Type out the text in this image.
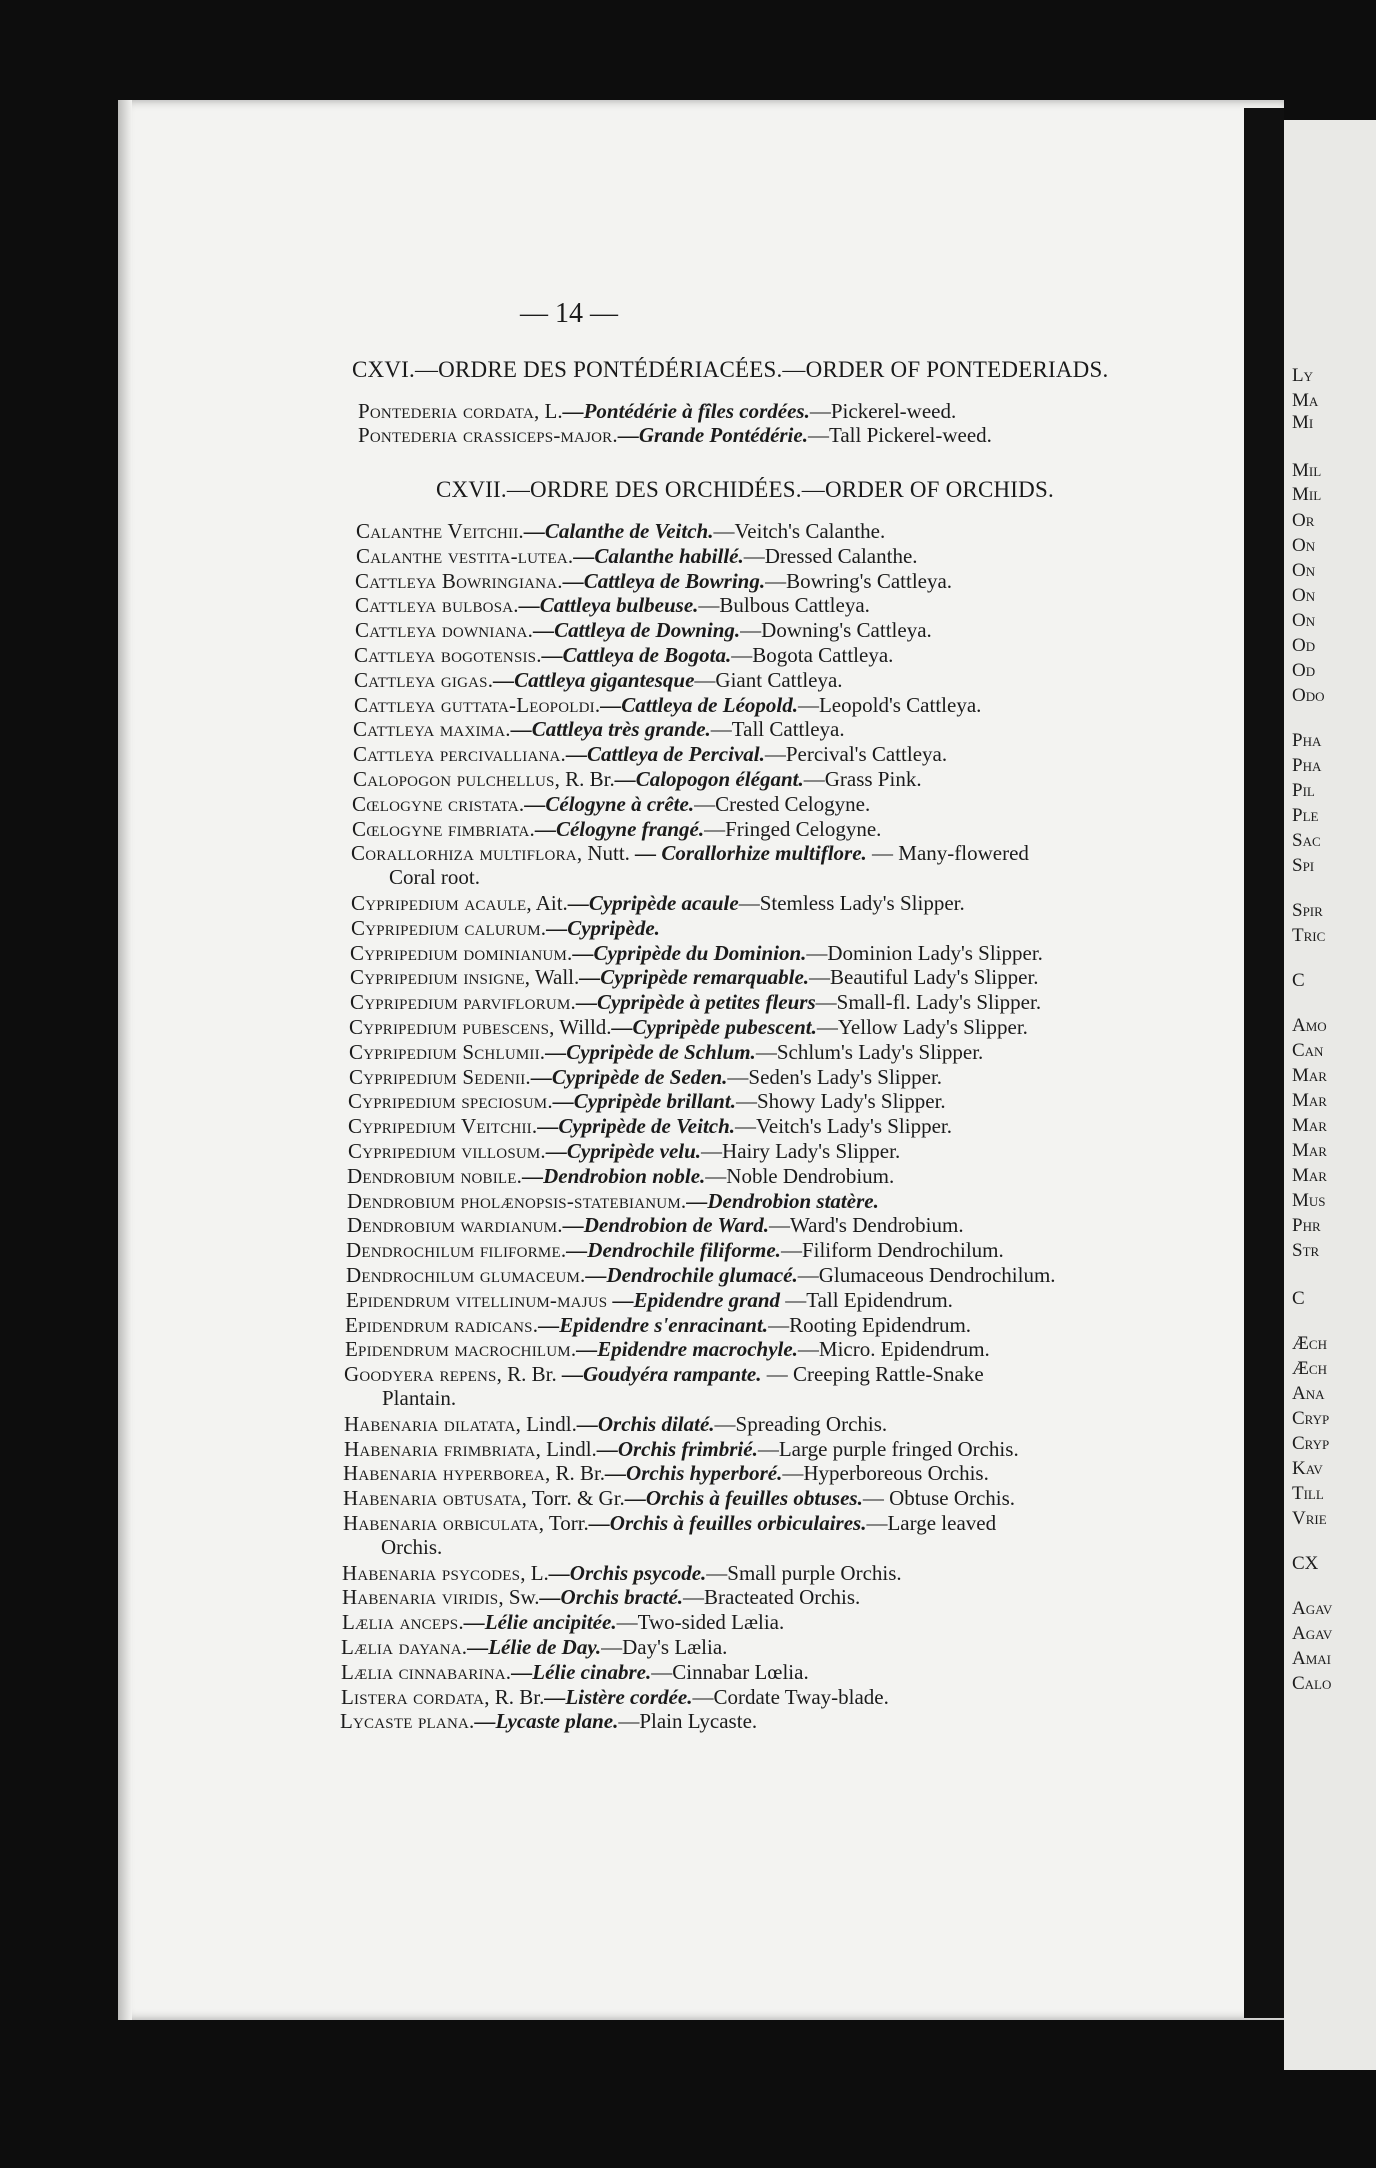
Ly

Ma

Mi

Mil

Mil

Or

On

On

On

On

Od

Od

Odo

Pha

Pha

Pil

Ple

Sac

Spi

Spir

Tric

C

Amo

Can

Mar

Mar

Mar

Mar

Mar

Mus

Phr

Str

C

Æch

Æch

Ana

Cryp

Cryp

Kav

Till

Vrie

CX

Agav

Agav

Amai

Calo

— 14 —

CXVI.—ORDRE DES PONTÉDÉRIACÉES.—ORDER OF PONTEDERIADS.

Pontederia cordata, L.—Pontédérie à fîles cordées.—Pickerel-weed.

Pontederia crassiceps-major.—Grande Pontédérie.—Tall Pickerel-weed.

CXVII.—ORDRE DES ORCHIDÉES.—ORDER OF ORCHIDS.

Calanthe Veitchii.—Calanthe de Veitch.—Veitch's Calanthe.

Calanthe vestita-lutea.—Calanthe habillé.—Dressed Calanthe.

Cattleya Bowringiana.—Cattleya de Bowring.—Bowring's Cattleya.

Cattleya bulbosa.—Cattleya bulbeuse.—Bulbous Cattleya.

Cattleya downiana.—Cattleya de Downing.—Downing's Cattleya.

Cattleya bogotensis.—Cattleya de Bogota.—Bogota Cattleya.

Cattleya gigas.—Cattleya gigantesque—Giant Cattleya.

Cattleya guttata-Leopoldi.—Cattleya de Léopold.—Leopold's Cattleya.

Cattleya maxima.—Cattleya très grande.—Tall Cattleya.

Cattleya percivalliana.—Cattleya de Percival.—Percival's Cattleya.

Calopogon pulchellus, R. Br.—Calopogon élégant.—Grass Pink.

Cœlogyne cristata.—Célogyne à crête.—Crested Celogyne.

Cœlogyne fimbriata.—Célogyne frangé.—Fringed Celogyne.

Corallorhiza multiflora, Nutt. — Corallorhize multiflore. — Many-flowered
Coral root.

Cypripedium acaule, Ait.—Cypripède acaule—Stemless Lady's Slipper.

Cypripedium calurum.—Cypripède.

Cypripedium dominianum.—Cypripède du Dominion.—Dominion Lady's Slipper.

Cypripedium insigne, Wall.—Cypripède remarquable.—Beautiful Lady's Slipper.

Cypripedium parviflorum.—Cypripède à petites fleurs—Small-fl. Lady's Slipper.

Cypripedium pubescens, Willd.—Cypripède pubescent.—Yellow Lady's Slipper.

Cypripedium Schlumii.—Cypripède de Schlum.—Schlum's Lady's Slipper.

Cypripedium Sedenii.—Cypripède de Seden.—Seden's Lady's Slipper.

Cypripedium speciosum.—Cypripède brillant.—Showy Lady's Slipper.

Cypripedium Veitchii.—Cypripède de Veitch.—Veitch's Lady's Slipper.

Cypripedium villosum.—Cypripède velu.—Hairy Lady's Slipper.

Dendrobium nobile.—Dendrobion noble.—Noble Dendrobium.

Dendrobium pholænopsis-statebianum.—Dendrobion statère.

Dendrobium wardianum.—Dendrobion de Ward.—Ward's Dendrobium.

Dendrochilum filiforme.—Dendrochile filiforme.—Filiform Dendrochilum.

Dendrochilum glumaceum.—Dendrochile glumacé.—Glumaceous Dendrochilum.

Epidendrum vitellinum-majus —Epidendre grand —Tall Epidendrum.

Epidendrum radicans.—Epidendre s'enracinant.—Rooting Epidendrum.

Epidendrum macrochilum.—Epidendre macrochyle.—Micro. Epidendrum.

Goodyera repens, R. Br. —Goudyéra rampante. — Creeping Rattle-Snake
Plantain.

Habenaria dilatata, Lindl.—Orchis dilaté.—Spreading Orchis.

Habenaria frimbriata, Lindl.—Orchis frimbrié.—Large purple fringed Orchis.

Habenaria hyperborea, R. Br.—Orchis hyperboré.—Hyperboreous Orchis.

Habenaria obtusata, Torr. & Gr.—Orchis à feuilles obtuses.— Obtuse Orchis.

Habenaria orbiculata, Torr.—Orchis à feuilles orbiculaires.—Large leaved
Orchis.

Habenaria psycodes, L.—Orchis psycode.—Small purple Orchis.

Habenaria viridis, Sw.—Orchis bracté.—Bracteated Orchis.

Lælia anceps.—Lélie ancipitée.—Two-sided Lælia.

Lælia dayana.—Lélie de Day.—Day's Lælia.

Lælia cinnabarina.—Lélie cinabre.—Cinnabar Lœlia.

Listera cordata, R. Br.—Listère cordée.—Cordate Tway-blade.

Lycaste plana.—Lycaste plane.—Plain Lycaste.
